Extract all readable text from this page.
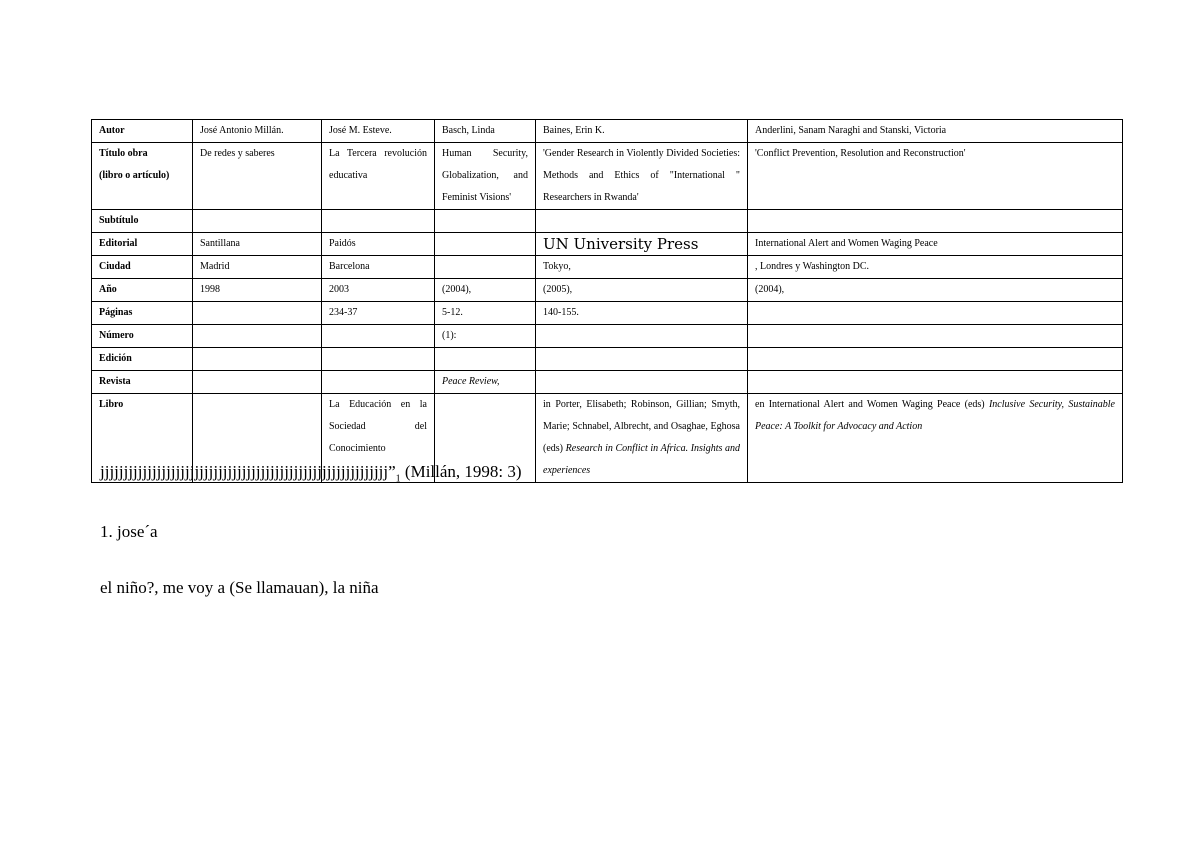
Autor	José Antonio Millán.	José M. Esteve.	Basch, Linda	Baines, Erin K.	Anderlini, Sanam Naraghi and Stanski, Victoria

Título obra
(libro o artículo)	De redes y saberes	La Tercera revolución educativa	Human Security, Globalization, and Feminist Visions'	'Gender Research in Violently Divided Societies: Methods and Ethics of "International " Researchers in Rwanda'	'Conflict Prevention, Resolution and Reconstruction'
Subtítulo					
Editorial	Santillana	Paidós		UN University Press	International Alert and Women Waging Peace
Ciudad	Madrid	Barcelona		Tokyo,	, Londres y Washington DC.
Año	1998	2003	(2004),	(2005),	(2004),
Páginas		234-37	5-12.	140-155.	
Número			(1):		
Edición					
Revista			Peace Review,		
Libro		La Educación en la Sociedad del Conocimiento		in Porter, Elisabeth; Robinson, Gillian; Smyth, Marie; Schnabel, Albrecht, and Osaghae, Eghosa (eds) Research in Conflict in Africa. Insights and experiences	en International Alert and Women Waging Peace (eds) Inclusive Security, Sustainable Peace: A Toolkit for Advocacy and Action
$jjjjjjjjjjjjjjjjjjjjjjjjjjjjjjjjjjjjjjjjjjjjjjjjjjjjjjjjjjjjj”_1$ (Millán, 1998: 3)
1. jose´a
el niño?, me voy a (Se llamauan), la niña
